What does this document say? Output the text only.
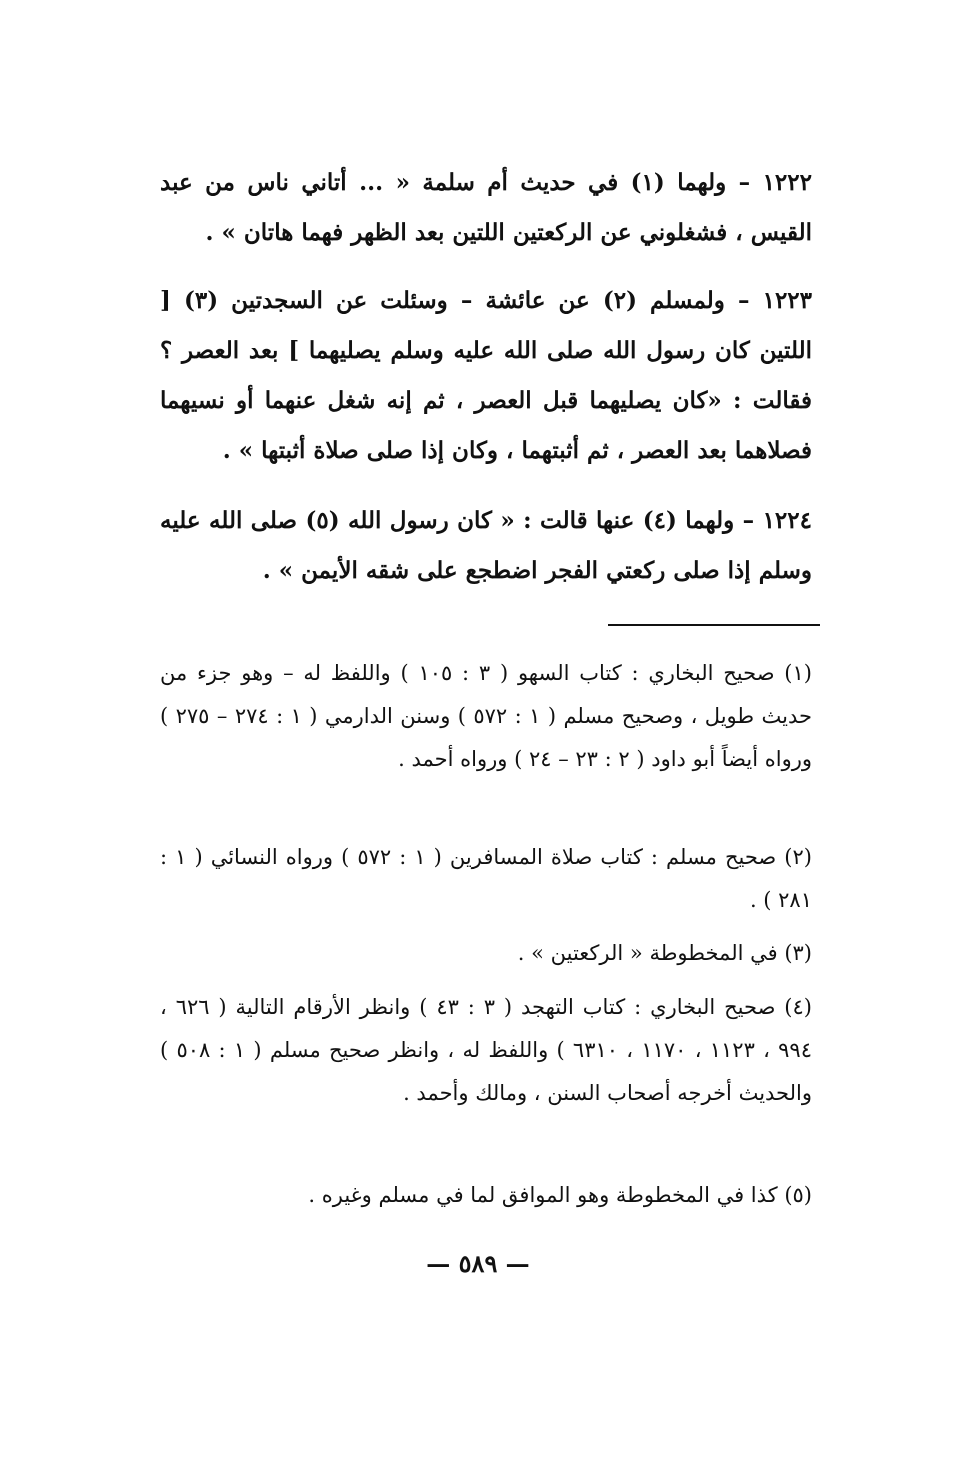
١٢٢٢ – ولهما (١) في حديث أم سلمة « ... أتاني ناس من عبد القيس ، فشغلوني عن الركعتين اللتين بعد الظهر فهما هاتان » .

١٢٢٣ – ولمسلم (٢) عن عائشة – وسئلت عن السجدتين (٣) [ اللتين كان رسول الله صلى الله عليه وسلم يصليهما ] بعد العصر ؟ فقالت : «كان يصليهما قبل العصر ، ثم إنه شغل عنهما أو نسيهما فصلاهما بعد العصر ، ثم أثبتهما ، وكان إذا صلى صلاة أثبتها » .

١٢٢٤ – ولهما (٤) عنها قالت : « كان رسول الله (٥) صلى الله عليه وسلم إذا صلى ركعتي الفجر اضطجع على شقه الأيمن » .

(١) صحيح البخاري : كتاب السهو ( ٣ : ١٠٥ ) واللفظ له – وهو جزء من حديث طويل ، وصحيح مسلم ( ١ : ٥٧٢ ) وسنن الدارمي ( ١ : ٢٧٤ – ٢٧٥ ) ورواه أيضاً أبو داود ( ٢ : ٢٣ – ٢٤ ) ورواه أحمد .

(٢) صحيح مسلم : كتاب صلاة المسافرين ( ١ : ٥٧٢ ) ورواه النسائي ( ١ : ٢٨١ ) .

(٣) في المخطوطة « الركعتين » .

(٤) صحيح البخاري : كتاب التهجد ( ٣ : ٤٣ ) وانظر الأرقام التالية ( ٦٢٦ ، ٩٩٤ ، ١١٢٣ ، ١١٧٠ ، ٦٣١٠ ) واللفظ له ، وانظر صحيح مسلم ( ١ : ٥٠٨ ) والحديث أخرجه أصحاب السنن ، ومالك وأحمد .

(٥) كذا في المخطوطة وهو الموافق لما في مسلم وغيره .

— ٥٨٩ —
